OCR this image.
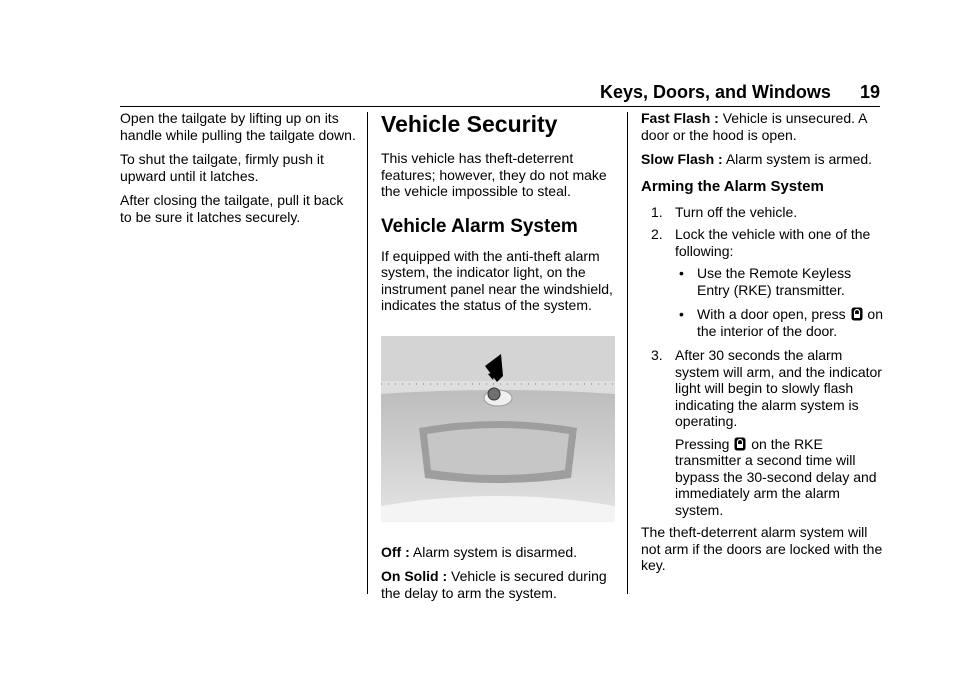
Keys, Doors, and Windows 19

Open the tailgate by lifting up on its handle while pulling the tailgate down.

To shut the tailgate, firmly push it upward until it latches.

After closing the tailgate, pull it back to be sure it latches securely.

Vehicle Security

This vehicle has theft-deterrent features; however, they do not make the vehicle impossible to steal.

Vehicle Alarm System

If equipped with the anti-theft alarm system, the indicator light, on the instrument panel near the windshield, indicates the status of the system.

Off : Alarm system is disarmed.

On Solid : Vehicle is secured during the delay to arm the system.

Fast Flash : Vehicle is unsecured. A door or the hood is open.

Slow Flash : Alarm system is armed.

Arming the Alarm System
1. Turn off the vehicle.
2. Lock the vehicle with one of the following:
• Use the Remote Keyless Entry (RKE) transmitter.
• With a door open, press on the interior of the door.
3. After 30 seconds the alarm system will arm, and the indicator light will begin to slowly flash indicating the alarm system is operating.
Pressing on the RKE transmitter a second time will bypass the 30-second delay and immediately arm the alarm system.

The theft-deterrent alarm system will not arm if the doors are locked with the key.
